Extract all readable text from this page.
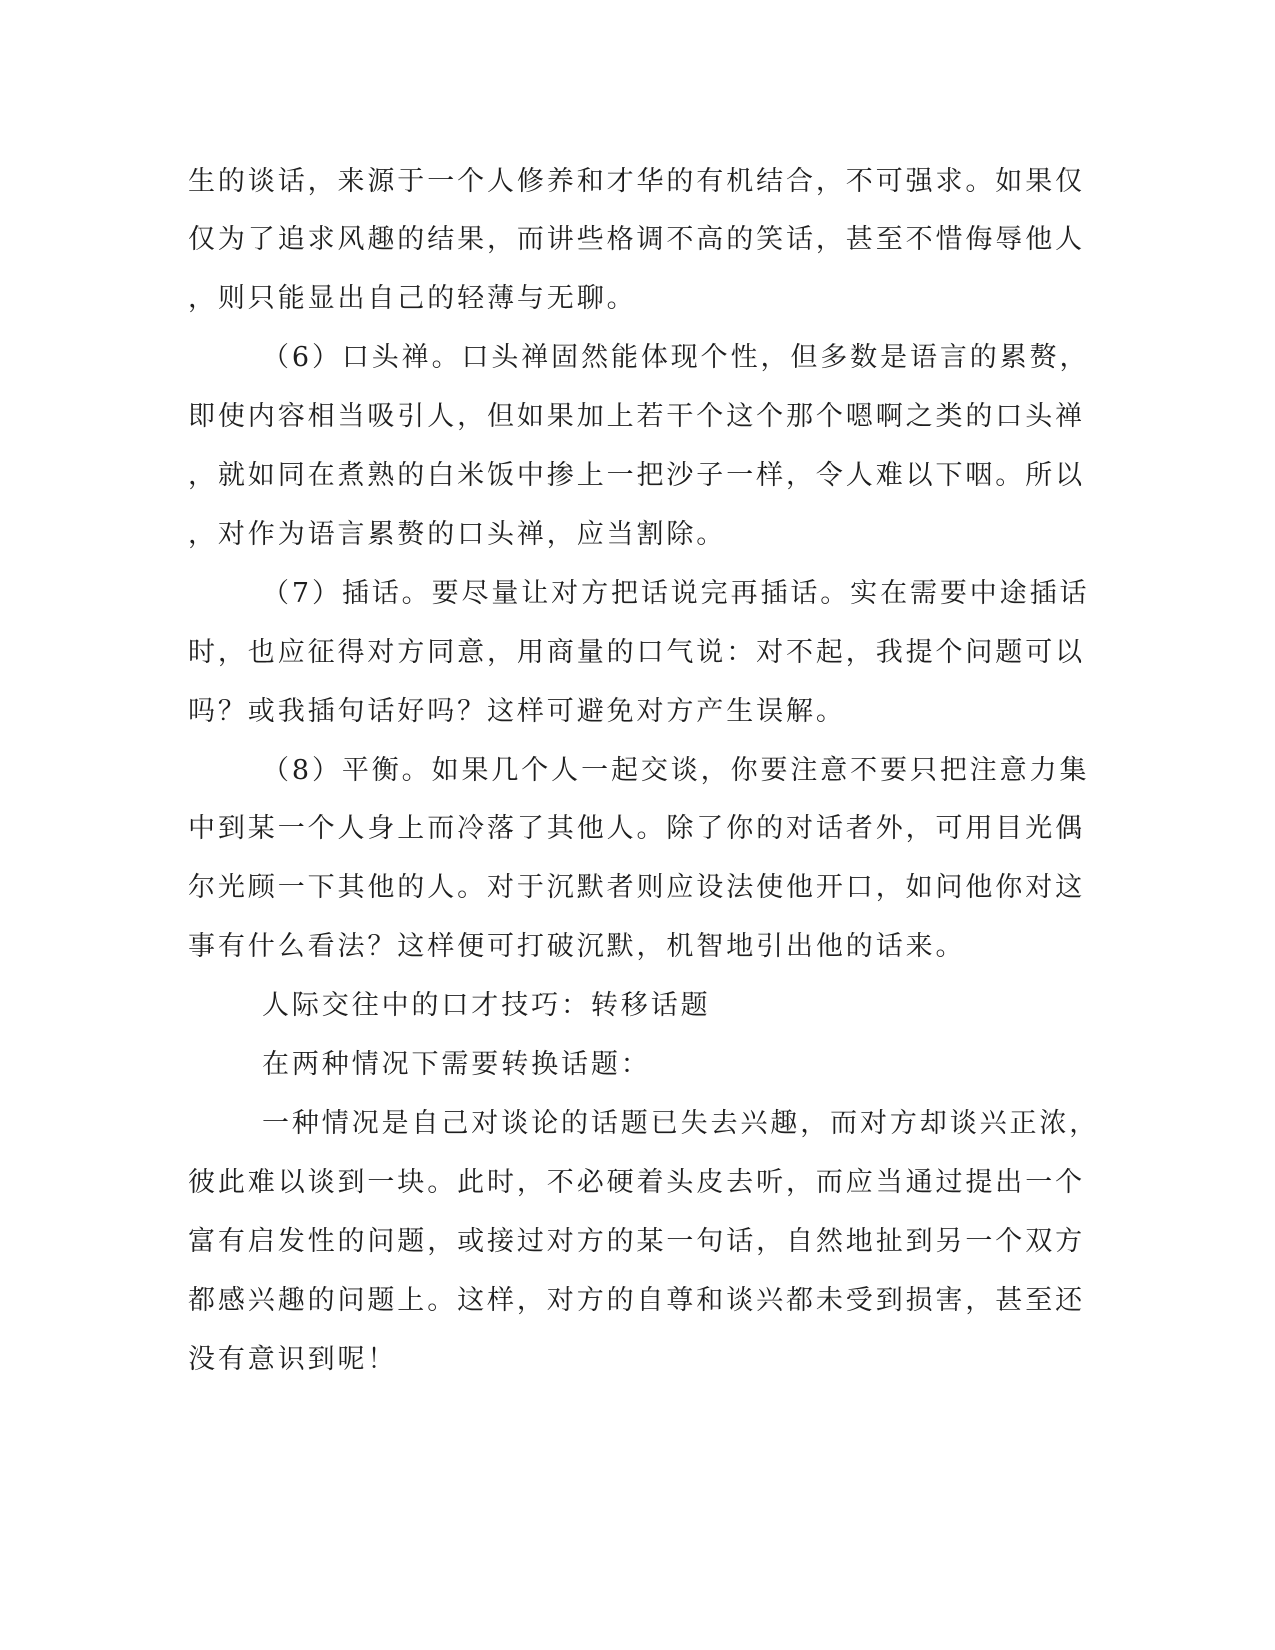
生的谈话，来源于一个人修养和才华的有机结合，不可强求。如果仅
仅为了追求风趣的结果，而讲些格调不高的笑话，甚至不惜侮辱他人
，则只能显出自己的轻薄与无聊。
（6）口头禅。口头禅固然能体现个性，但多数是语言的累赘，
即使内容相当吸引人，但如果加上若干个这个那个嗯啊之类的口头禅
，就如同在煮熟的白米饭中掺上一把沙子一样，令人难以下咽。所以
，对作为语言累赘的口头禅，应当割除。
（7）插话。要尽量让对方把话说完再插话。实在需要中途插话
时，也应征得对方同意，用商量的口气说：对不起，我提个问题可以
吗？或我插句话好吗？这样可避免对方产生误解。
（8）平衡。如果几个人一起交谈，你要注意不要只把注意力集
中到某一个人身上而冷落了其他人。除了你的对话者外，可用目光偶
尔光顾一下其他的人。对于沉默者则应设法使他开口，如问他你对这
事有什么看法？这样便可打破沉默，机智地引出他的话来。
人际交往中的口才技巧：转移话题
在两种情况下需要转换话题：
一种情况是自己对谈论的话题已失去兴趣，而对方却谈兴正浓，
彼此难以谈到一块。此时，不必硬着头皮去听，而应当通过提出一个
富有启发性的问题，或接过对方的某一句话，自然地扯到另一个双方
都感兴趣的问题上。这样，对方的自尊和谈兴都未受到损害，甚至还
没有意识到呢！
